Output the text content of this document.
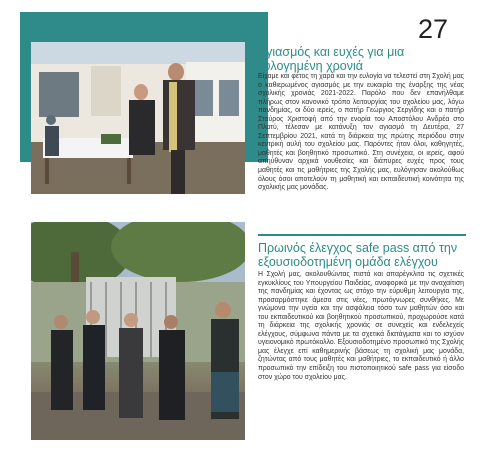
27
Αγιασμός και ευχές για μια ευλογημένη χρονιά

Είχαμε και φέτος τη χαρά και την ευλογία να τελεστεί στη Σχολή μας ο καθιερωμένος αγιασμός με την ευκαιρία της έναρξης της νέας σχολικής χρονιάς 2021-2022. Παρόλο που δεν επανήλθαμε πλήρως στον κανονικό τρόπο λειτουργίας του σχολείου μας, λόγω πανδημίας, οι δύο ιερείς, ο πατήρ Γεώργιος Σεργίδης και ο πατήρ Σταύρος Χριστοφή από την ενορία του Αποστόλου Ανδρέα στο Πλατύ, τέλεσαν με κατάνυξη τον αγιασμό τη Δευτέρα, 27 Σεπτεμβρίου 2021, κατά τη διάρκεια της πρώτης περιόδου στην κεντρική αυλή του σχολείου μας. Παρόντες ήταν όλοι, καθηγητές, μαθητές και βοηθητικό προσωπικό. Στη συνέχεια, οι ιερείς, αφού απηύθυναν αρχικά νουθεσίες και διάπυρες ευχές προς τους μαθητές και τις μαθήτριες της Σχολής μας, ευλόγησαν ακολούθως όλους όσοι αποτελούν τη μαθητική και εκπαιδευτική κοινότητα της σχολικής μας μονάδας.

Πρωινός έλεγχος safe pass από την εξουσιοδοτημένη ομάδα ελέγχου

Η Σχολή μας, ακολουθώντας πιστά και απαρέγκλιτα τις σχετικές εγκυκλίους του Υπουργείου Παιδείας, αναφορικά με την αναχαίτιση της πανδημίας και έχοντας ως στόχο την εύρυθμη λειτουργία της, προσαρμόστηκε άμεσα στις νέες, πρωτόγνωρες συνθήκες. Με γνώμονα την υγεία και την ασφάλεια τόσο των μαθητών όσο και του εκπαιδευτικού και βοηθητικού προσωπικού, προχωρούσε κατά τη διάρκεια της σχολικής χρονιάς σε συνεχείς και ενδελεχείς ελέγχους, σύμφωνα πάντα με τα σχετικά διατάγματα και το ισχύον υγειονομικό πρωτόκολλο. Εξουσιοδοτημένο προσωπικό της Σχολής μας έλεγχε επί καθημερινής βάσεως τη σχολική μας μονάδα, ζητώντας από τους μαθητές και μαθήτριες, το εκπαιδευτικό ή άλλο προσωπικό την επίδειξη του πιστοποιητικού safe pass για είσοδο στον χώρο του σχολείου μας.
